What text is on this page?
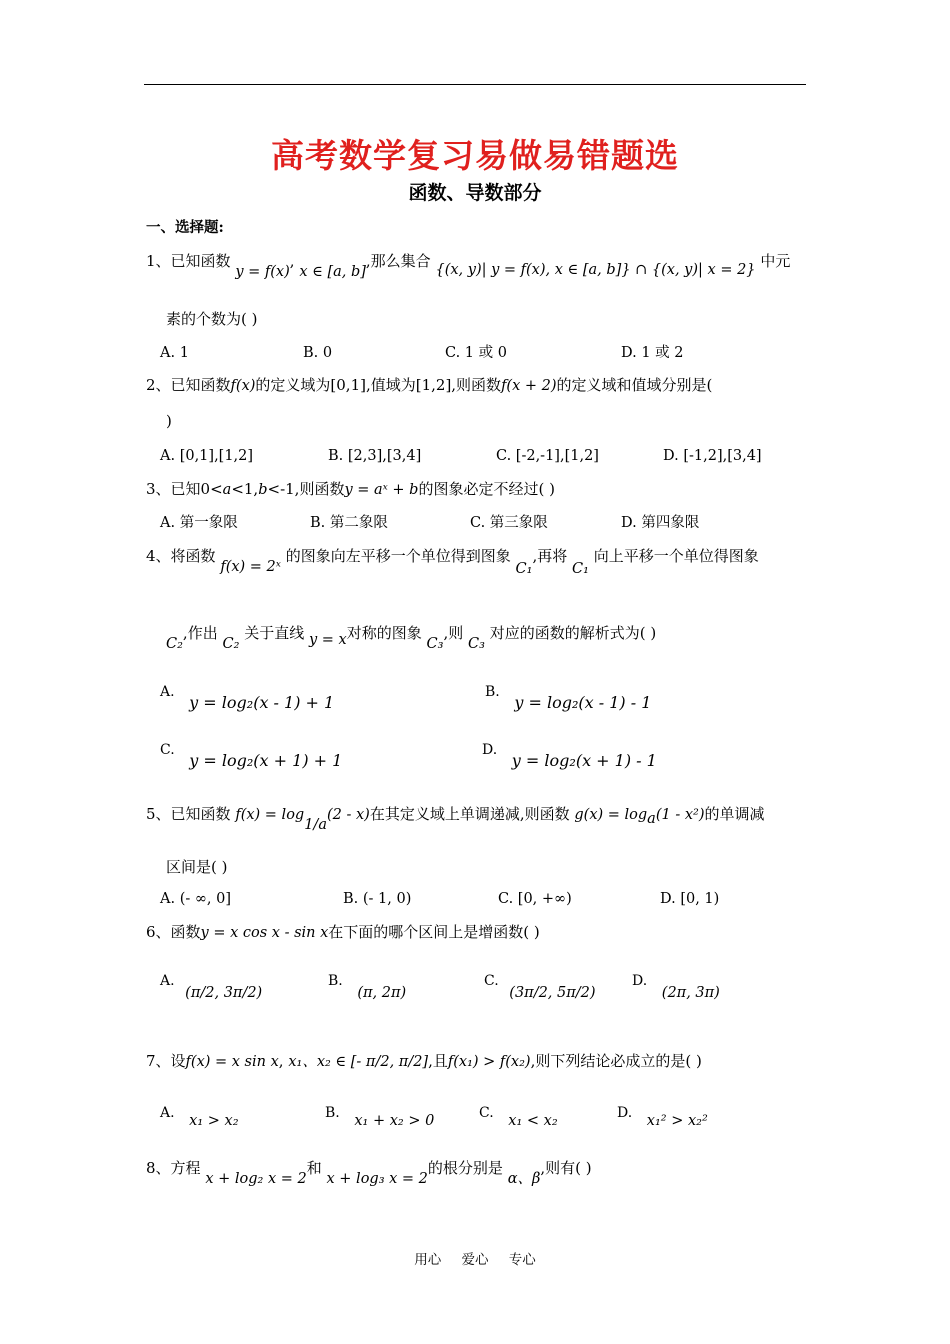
高考数学复习易做易错题选
函数、导数部分
一、选择题:
1、已知函数 y = f(x), x ∈ [a, b],那么集合 {(x, y)| y = f(x), x ∈ [a, b]} ∩ {(x, y)| x = 2} 中元
素的个数为( )
A. 1	B. 0	C. 1 或 0	D. 1 或 2
2、已知函数f(x)的定义域为[0,1],值域为[1,2],则函数f(x + 2)的定义域和值域分别是(
)
A. [0,1],[1,2]	B. [2,3],[3,4]	C. [-2,-1],[1,2]	D. [-1,2],[3,4]
3、已知0<a<1,b<-1,则函数y = aˣ + b的图象必定不经过( )
A. 第一象限	B. 第二象限	C. 第三象限	D. 第四象限
4、将函数 f(x) = 2ˣ 的图象向左平移一个单位得到图象 C₁,再将 C₁ 向上平移一个单位得图象
C₂,作出 C₂ 关于直线 y = x对称的图象 C₃,则 C₃ 对应的函数的解析式为( )
A. y = log₂(x - 1) + 1
B. y = log₂(x - 1) - 1
C. y = log₂(x + 1) + 1
D. y = log₂(x + 1) - 1
5、已知函数 $f(x) = \log_{1/a}(2 - x)$在其定义域上单调递减,则函数 $g(x) = \log_a(1 - x^2)$的单调减
区间是( )
A. (- ∞, 0]	B. (- 1, 0)	C. [0, +∞)	D. [0, 1)
6、函数y = x cos x - sin x在下面的哪个区间上是增函数( )
A. (π/2, 3π/2)
B. (π, 2π)
C. (3π/2, 5π/2)
D. (2π, 3π)
7、设f(x) = x sin x, x₁、x₂ ∈ [- π/2, π/2],且f(x₁) > f(x₂),则下列结论必成立的是( )
A. x₁ > x₂	B. x₁ + x₂ > 0	C. x₁ < x₂	D. x₁² > x₂²
8、方程 x + log₂ x = 2和 x + log₃ x = 2的根分别是 α、β,则有( )
用心 爱心 专心
